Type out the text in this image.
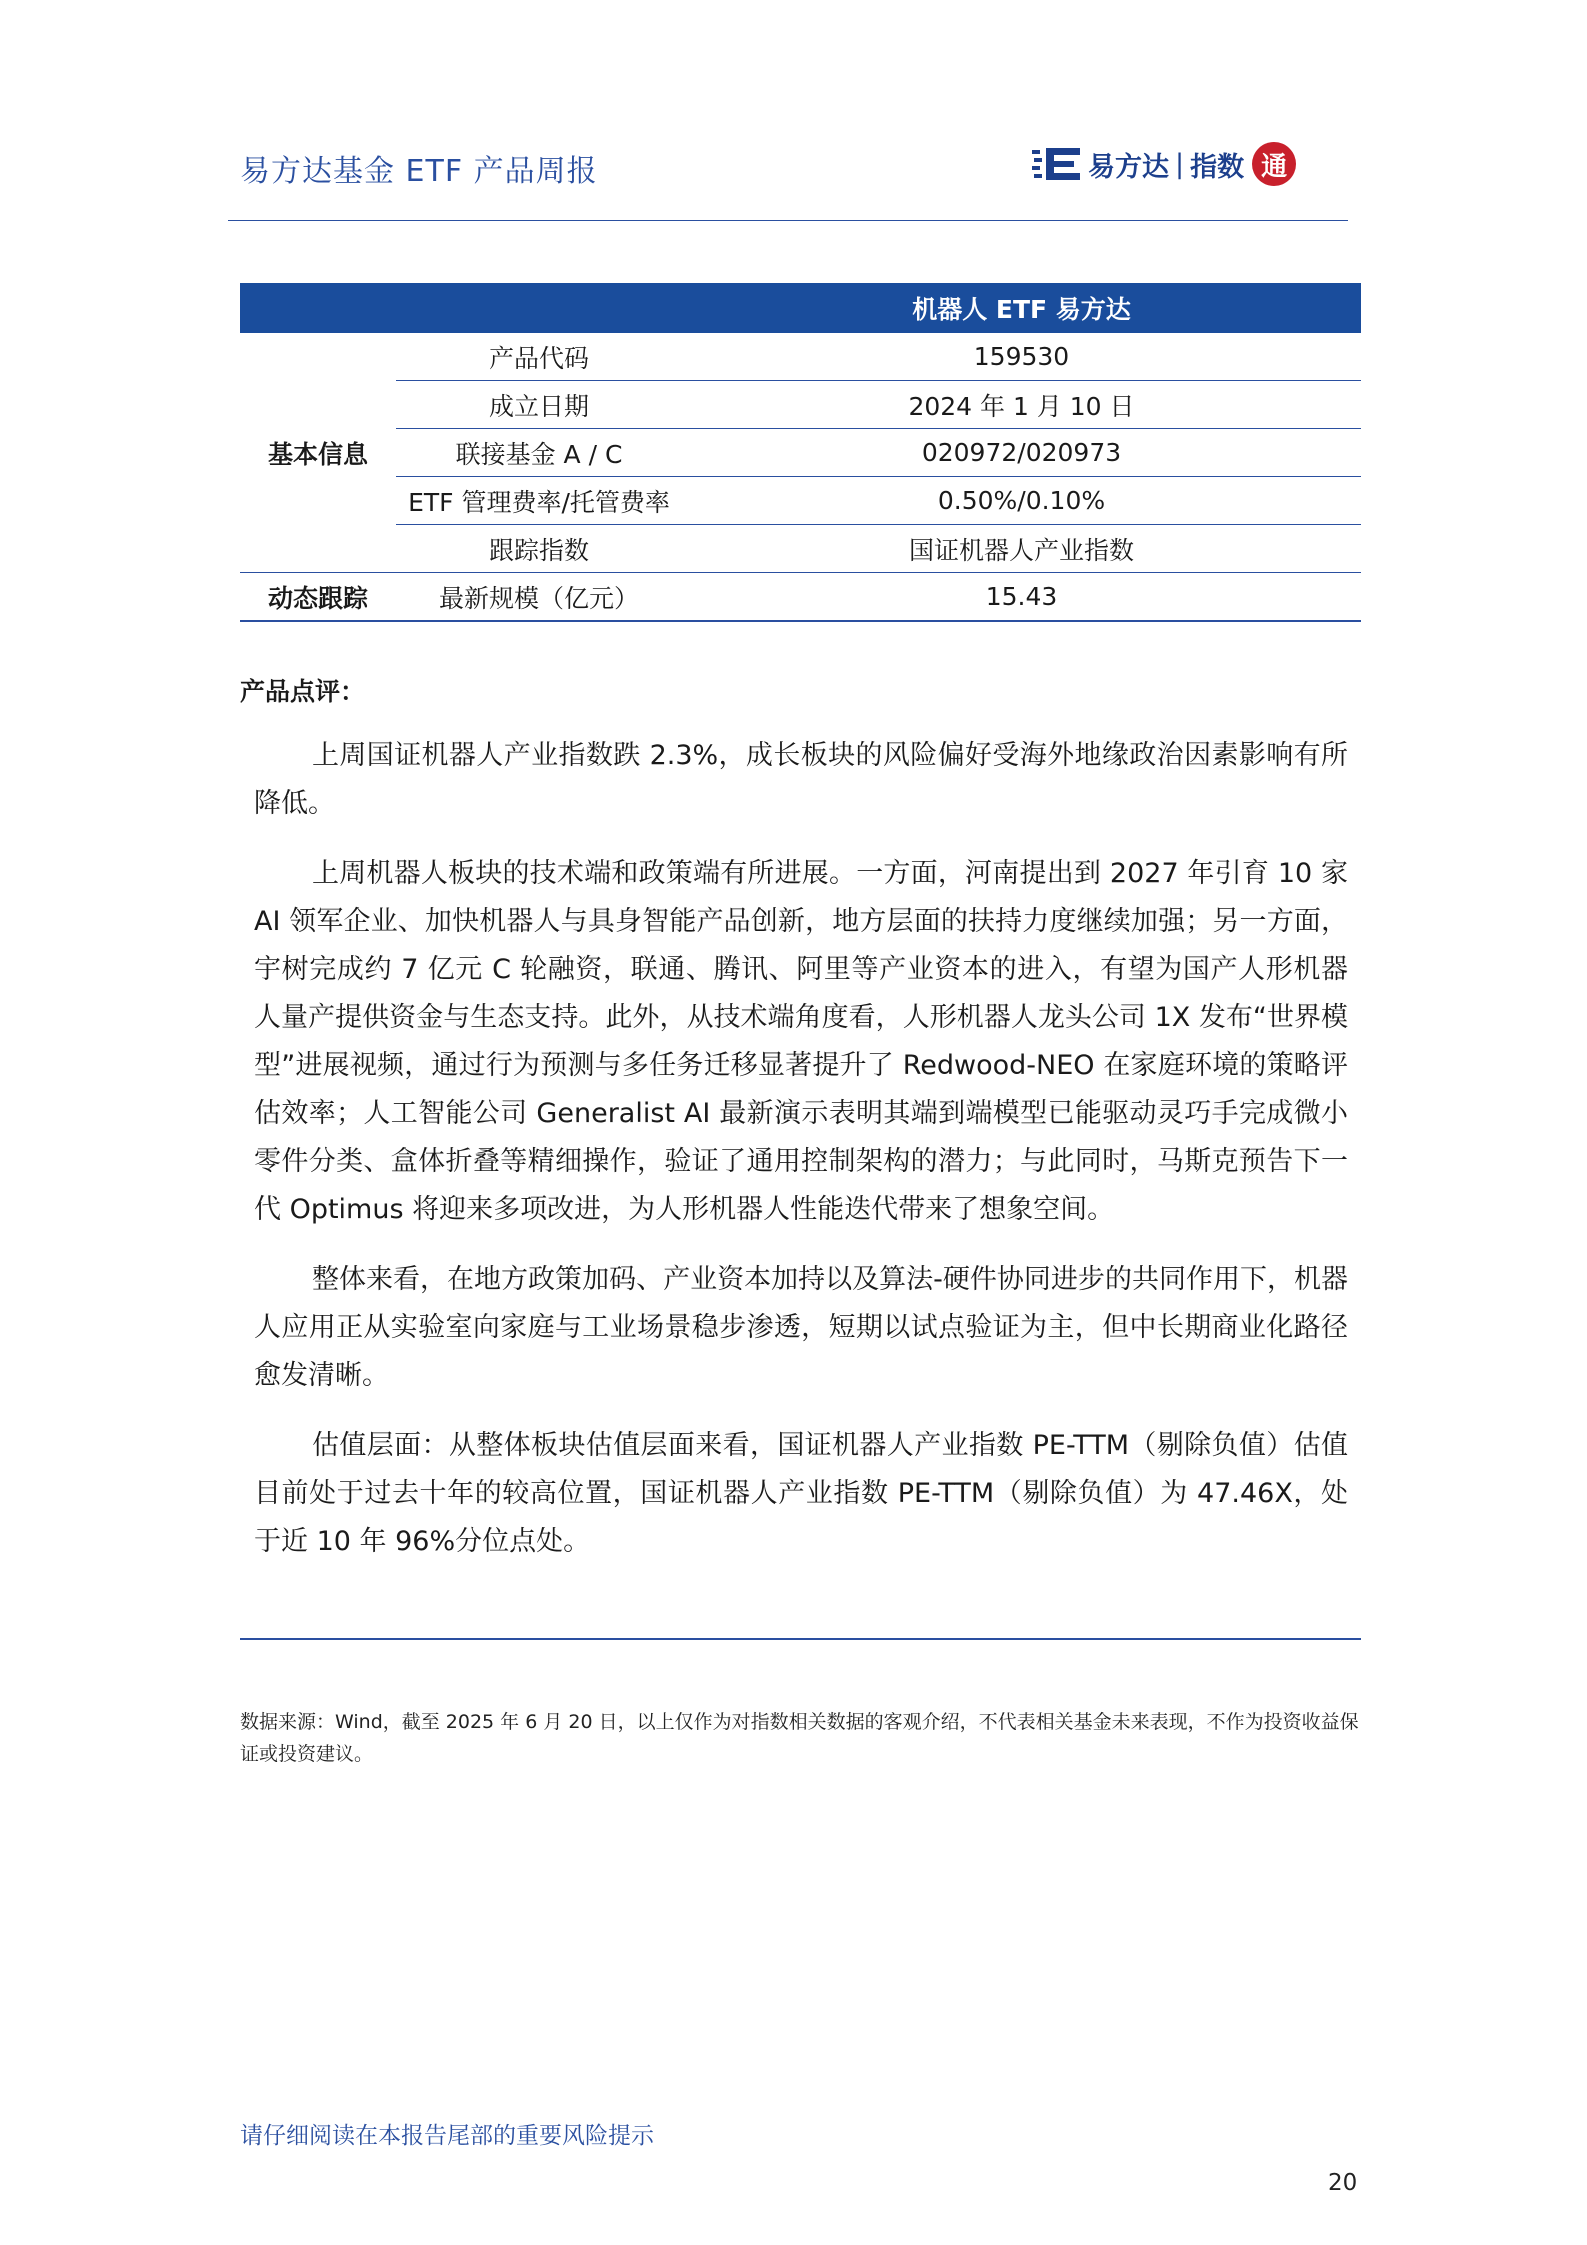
易方达基金 ETF 产品周报	易方达 | 指数 通
		机器人 ETF 易方达
基本信息	产品代码	159530
	成立日期	2024 年 1 月 10 日
	联接基金 A / C	020972/020973
	ETF 管理费率/托管费率	0.50%/0.10%
	跟踪指数	国证机器人产业指数
动态跟踪	最新规模（亿元）	15.43
产品点评：

上周国证机器人产业指数跌 2.3%，成长板块的风险偏好受海外地缘政治因素影响有所降低。

上周机器人板块的技术端和政策端有所进展。一方面，河南提出到 2027 年引育 10 家 AI 领军企业、加快机器人与具身智能产品创新，地方层面的扶持力度继续加强；另一方面，宇树完成约 7 亿元 C 轮融资，联通、腾讯、阿里等产业资本的进入，有望为国产人形机器人量产提供资金与生态支持。此外，从技术端角度看，人形机器人龙头公司 1X 发布“世界模型”进展视频，通过行为预测与多任务迁移显著提升了 Redwood-NEO 在家庭环境的策略评估效率；人工智能公司 Generalist AI 最新演示表明其端到端模型已能驱动灵巧手完成微小零件分类、盒体折叠等精细操作，验证了通用控制架构的潜力；与此同时，马斯克预告下一代 Optimus 将迎来多项改进，为人形机器人性能迭代带来了想象空间。

整体来看，在地方政策加码、产业资本加持以及算法-硬件协同进步的共同作用下，机器人应用正从实验室向家庭与工业场景稳步渗透，短期以试点验证为主，但中长期商业化路径愈发清晰。

估值层面：从整体板块估值层面来看，国证机器人产业指数 PE-TTM（剔除负值）估值目前处于过去十年的较高位置，国证机器人产业指数 PE-TTM（剔除负值）为 47.46X，处于近 10 年 96%分位点处。

数据来源：Wind，截至 2025 年 6 月 20 日，以上仅作为对指数相关数据的客观介绍，不代表相关基金未来表现，不作为投资收益保证或投资建议。
请仔细阅读在本报告尾部的重要风险提示
20
